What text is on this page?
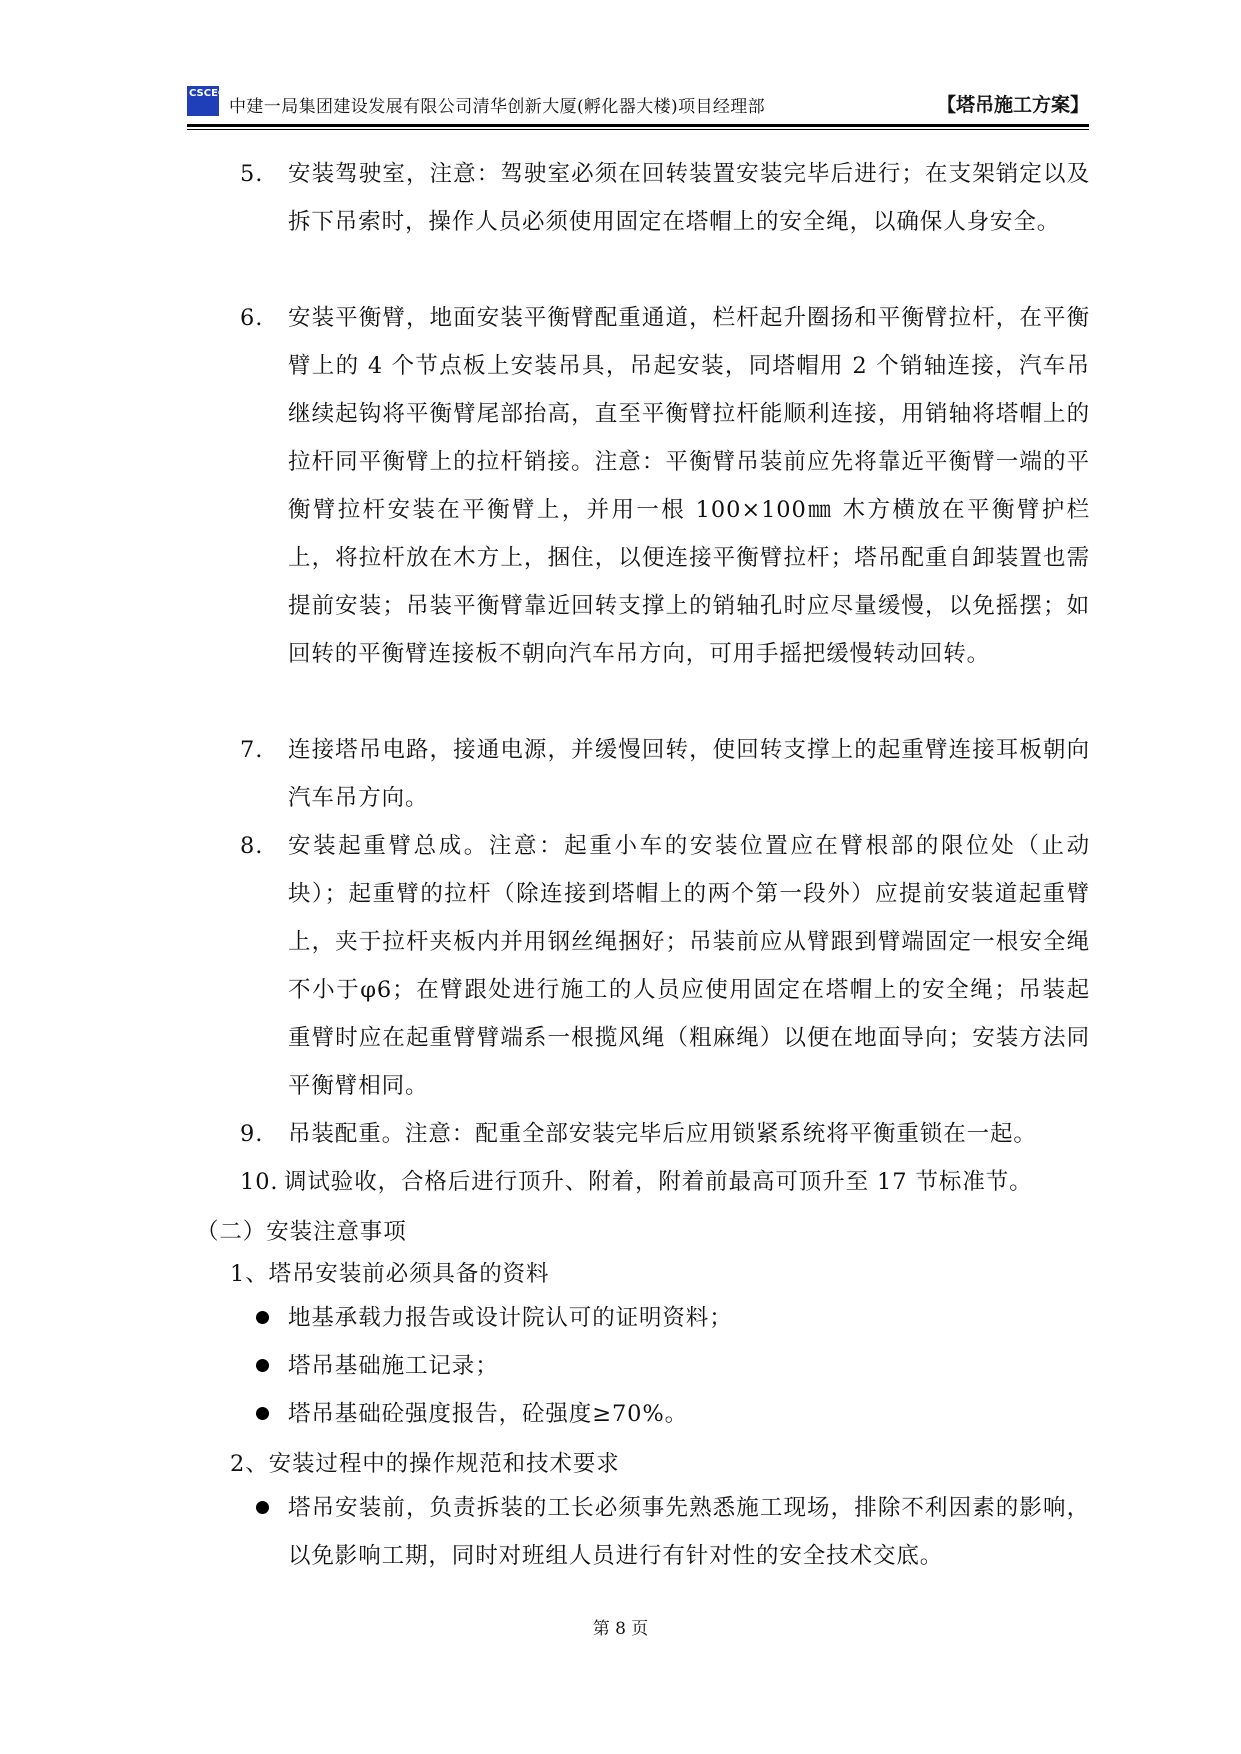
CSCEC
中建一局集团建设发展有限公司清华创新大厦(孵化器大楼)项目经理部	【塔吊施工方案】
5. 安装驾驶室，注意：驾驶室必须在回转装置安装完毕后进行；在支架销定以及拆下吊索时，操作人员必须使用固定在塔帽上的安全绳，以确保人身安全。
6. 安装平衡臂，地面安装平衡臂配重通道，栏杆起升圈扬和平衡臂拉杆，在平衡臂上的 4 个节点板上安装吊具，吊起安装，同塔帽用 2 个销轴连接，汽车吊继续起钩将平衡臂尾部抬高，直至平衡臂拉杆能顺利连接，用销轴将塔帽上的拉杆同平衡臂上的拉杆销接。注意：平衡臂吊装前应先将靠近平衡臂一端的平衡臂拉杆安装在平衡臂上，并用一根 100×100㎜ 木方横放在平衡臂护栏上，将拉杆放在木方上，捆住，以便连接平衡臂拉杆；塔吊配重自卸装置也需提前安装；吊装平衡臂靠近回转支撑上的销轴孔时应尽量缓慢，以免摇摆；如回转的平衡臂连接板不朝向汽车吊方向，可用手摇把缓慢转动回转。
7. 连接塔吊电路，接通电源，并缓慢回转，使回转支撑上的起重臂连接耳板朝向汽车吊方向。
8. 安装起重臂总成。注意：起重小车的安装位置应在臂根部的限位处（止动块）；起重臂的拉杆（除连接到塔帽上的两个第一段外）应提前安装道起重臂上，夹于拉杆夹板内并用钢丝绳捆好；吊装前应从臂跟到臂端固定一根安全绳不小于φ6；在臂跟处进行施工的人员应使用固定在塔帽上的安全绳；吊装起重臂时应在起重臂臂端系一根揽风绳（粗麻绳）以便在地面导向；安装方法同平衡臂相同。
9. 吊装配重。注意：配重全部安装完毕后应用锁紧系统将平衡重锁在一起。
10. 调试验收，合格后进行顶升、附着，附着前最高可顶升至 17 节标准节。
（二）安装注意事项
1、塔吊安装前必须具备的资料
地基承载力报告或设计院认可的证明资料；
塔吊基础施工记录；
塔吊基础砼强度报告，砼强度≥70%。
2、安装过程中的操作规范和技术要求
塔吊安装前，负责拆装的工长必须事先熟悉施工现场，排除不利因素的影响，以免影响工期，同时对班组人员进行有针对性的安全技术交底。
第 8 页
